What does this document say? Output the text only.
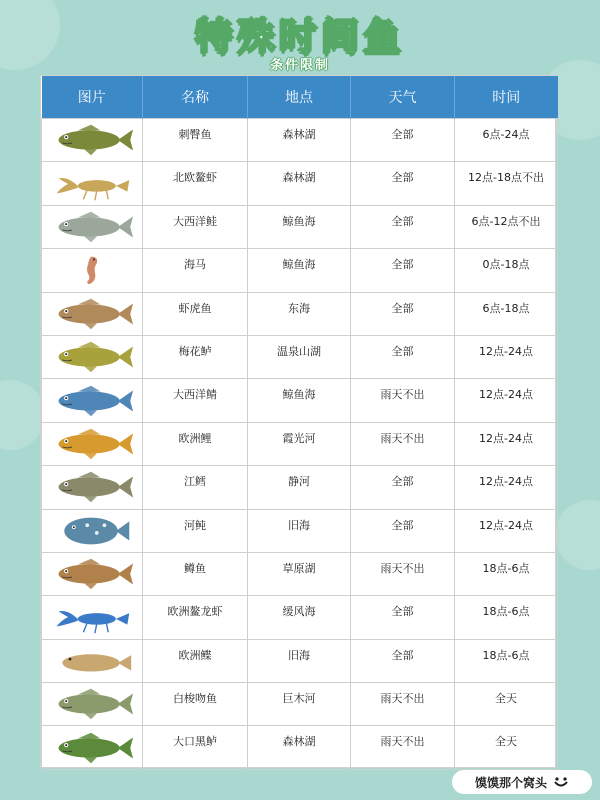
特殊时间鱼
条件限制
图片	名称	地点	天气	时间

	刺臀鱼	森林湖	全部	6点-24点

	北欧鳌虾	森林湖	全部	12点-18点不出

	大西洋鲑	鲸鱼海	全部	6点-12点不出

	海马	鲸鱼海	全部	0点-18点

	虾虎鱼	东海	全部	6点-18点

	梅花鲈	温泉山湖	全部	12点-24点

	大西洋鲭	鲸鱼海	雨天不出	12点-24点

	欧洲鲤	霞光河	雨天不出	12点-24点

	江鳕	静河	全部	12点-24点

	河鲀	旧海	全部	12点-24点

	鳟鱼	草原湖	雨天不出	18点-6点

	欧洲鳌龙虾	缓风海	全部	18点-6点

	欧洲鲽	旧海	全部	18点-6点

	白梭吻鱼	巨木河	雨天不出	全天

	大口黑鲈	森林湖	雨天不出	全天
馍馍那个窝头
